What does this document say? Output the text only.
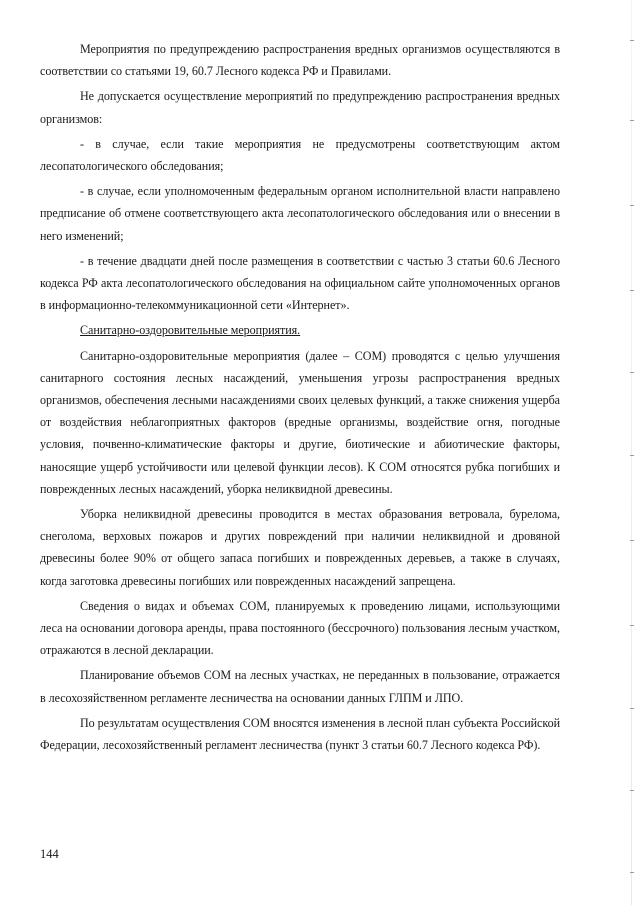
Мероприятия по предупреждению распространения вредных организмов осуществляются в соответствии со статьями 19, 60.7 Лесного кодекса РФ и Правилами.

Не допускается осуществление мероприятий по предупреждению распространения вредных организмов:

- в случае, если такие мероприятия не предусмотрены соответствующим актом лесопатологического обследования;

- в случае, если уполномоченным федеральным органом исполнительной власти направлено предписание об отмене соответствующего акта лесопатологического обследования или о внесении в него изменений;

- в течение двадцати дней после размещения в соответствии с частью 3 статьи 60.6 Лесного кодекса РФ акта лесопатологического обследования на официальном сайте уполномоченных органов в информационно-телекоммуникационной сети «Интернет».

Санитарно-оздоровительные мероприятия.

Санитарно-оздоровительные мероприятия (далее – СОМ) проводятся с целью улучшения санитарного состояния лесных насаждений, уменьшения угрозы распространения вредных организмов, обеспечения лесными насаждениями своих целевых функций, а также снижения ущерба от воздействия неблагоприятных факторов (вредные организмы, воздействие огня, погодные условия, почвенно-климатические факторы и другие, биотические и абиотические факторы, наносящие ущерб устойчивости или целевой функции лесов). К СОМ относятся рубка погибших и поврежденных лесных насаждений, уборка неликвидной древесины.

Уборка неликвидной древесины проводится в местах образования ветровала, бурелома, снеголома, верховых пожаров и других повреждений при наличии неликвидной и дровяной древесины более 90% от общего запаса погибших и поврежденных деревьев, а также в случаях, когда заготовка древесины погибших или поврежденных насаждений запрещена.

Сведения о видах и объемах СОМ, планируемых к проведению лицами, использующими леса на основании договора аренды, права постоянного (бессрочного) пользования лесным участком, отражаются в лесной декларации.

Планирование объемов СОМ на лесных участках, не переданных в пользование, отражается в лесохозяйственном регламенте лесничества на основании данных ГЛПМ и ЛПО.

По результатам осуществления СОМ вносятся изменения в лесной план субъекта Российской Федерации, лесохозяйственный регламент лесничества (пункт 3 статьи 60.7 Лесного кодекса РФ).

144
